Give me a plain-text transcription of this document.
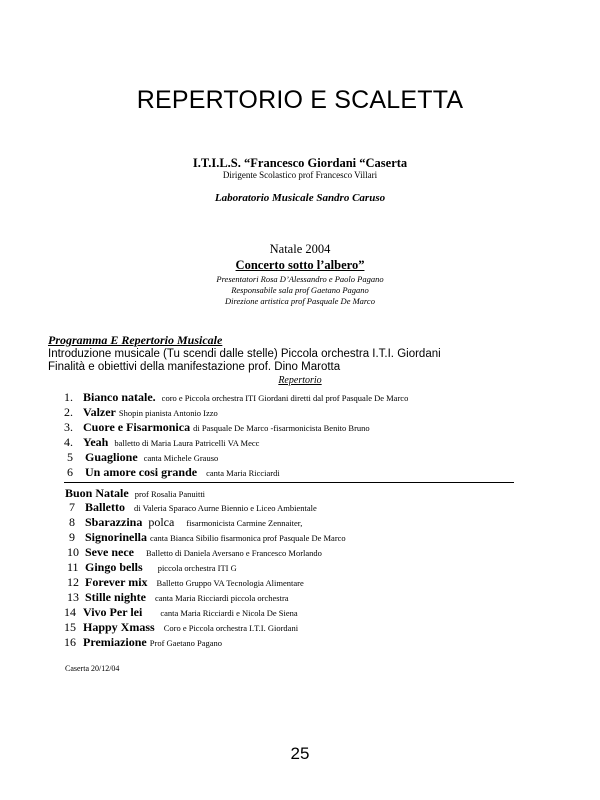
REPERTORIO E SCALETTA
I.T.I.L.S. “Francesco Giordani “Caserta
Dirigente Scolastico prof Francesco Villari
Laboratorio Musicale Sandro Caruso
Natale 2004
Concerto sotto l’albero”
Presentatori Rosa D’Alessandro e Paolo Pagano
Responsabile sala prof Gaetano Pagano
Direzione artistica prof Pasquale De Marco
Programma E Repertorio Musicale
Introduzione musicale (Tu scendi dalle stelle) Piccola orchestra I.T.I. Giordani
Finalità e obiettivi della manifestazione prof. Dino Marotta
Repertorio
1. Bianco natale. coro e Piccola orchestra ITI Giordani diretti dal prof Pasquale De Marco
2. Valzer Shopin pianista Antonio Izzo
3. Cuore e Fisarmonica di Pasquale De Marco -fisarmonicista Benito Bruno
4. Yeah balletto di Maria Laura Patricelli VA Mecc
5 Guaglione canta Michele Grauso
6 Un amore cosi grande canta Maria Ricciardi
Buon Natale prof Rosalia Panuitti
7 Balletto di Valeria Sparaco Aurne Biennio e Liceo Ambientale
8 Sbarazzina polca fisarmonicista Carmine Zennaiter,
9 Signorinella canta Bianca Sibilio fisarmonica prof Pasquale De Marco
10 Seve nece Balletto di Daniela Aversano e Francesco Morlando
11 Gingo bells piccola orchestra ITI G
12 Forever mix Balletto Gruppo VA Tecnologia Alimentare
13 Stille nighte canta Maria Ricciardi piccola orchestra
14 Vivo Per lei canta Maria Ricciardi e Nicola De Siena
15 Happy Xmass Coro e Piccola orchestra I.T.I. Giordani
16 Premiazione Prof Gaetano Pagano
Caserta 20/12/04
25
